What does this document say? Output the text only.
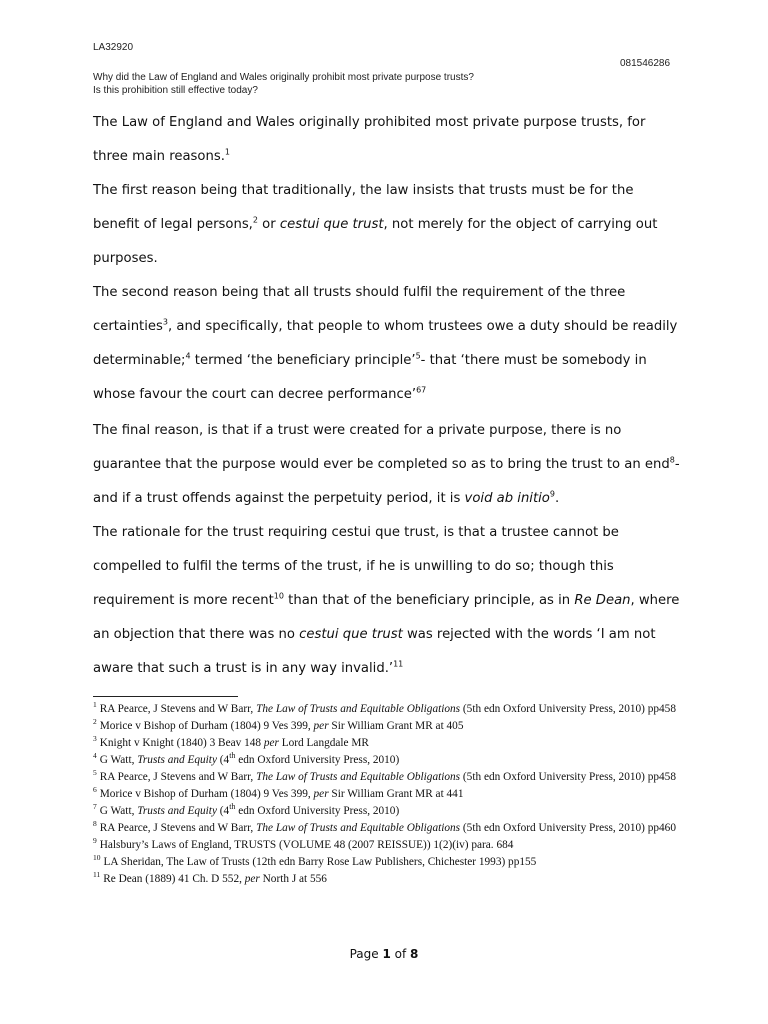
LA32920
081546286
Why did the Law of England and Wales originally prohibit most private purpose trusts?
Is this prohibition still effective today?

The Law of England and Wales originally prohibited most private purpose trusts, for
three main reasons.$^1$

The first reason being that traditionally, the law insists that trusts must be for the
benefit of legal persons,$^2$ or cestui que trust, not merely for the object of carrying out
purposes.

The second reason being that all trusts should fulfil the requirement of the three
certainties$^3$, and specifically, that people to whom trustees owe a duty should be readily
determinable;$^4$ termed ‘the beneficiary principle’$^5$- that ‘there must be somebody in
whose favour the court can decree performance’$^{67}$

The final reason, is that if a trust were created for a private purpose, there is no
guarantee that the purpose would ever be completed so as to bring the trust to an end$^8$-
and if a trust offends against the perpetuity period, it is void ab initio$^9$.

The rationale for the trust requiring cestui que trust, is that a trustee cannot be
compelled to fulfil the terms of the trust, if he is unwilling to do so; though this
requirement is more recent$^{10}$ than that of the beneficiary principle, as in Re Dean, where
an objection that there was no cestui que trust was rejected with the words ‘I am not
aware that such a trust is in any way invalid.’$^{11}$

$^1$ RA Pearce, J Stevens and W Barr, The Law of Trusts and Equitable Obligations (5th edn Oxford University Press, 2010) pp458

$^2$ Morice v Bishop of Durham (1804) 9 Ves 399, per Sir William Grant MR at 405

$^3$ Knight v Knight (1840) 3 Beav 148 per Lord Langdale MR

$^4$ G Watt, Trusts and Equity (4th edn Oxford University Press, 2010)

$^5$ RA Pearce, J Stevens and W Barr, The Law of Trusts and Equitable Obligations (5th edn Oxford University Press, 2010) pp458

$^6$ Morice v Bishop of Durham (1804) 9 Ves 399, per Sir William Grant MR at 441

$^7$ G Watt, Trusts and Equity (4th edn Oxford University Press, 2010)

$^8$ RA Pearce, J Stevens and W Barr, The Law of Trusts and Equitable Obligations (5th edn Oxford University Press, 2010) pp460

$^9$ Halsbury’s Laws of England, TRUSTS (VOLUME 48 (2007 REISSUE)) 1(2)(iv) para. 684

$^{10}$ LA Sheridan, The Law of Trusts (12th edn Barry Rose Law Publishers, Chichester 1993) pp155

$^{11}$ Re Dean (1889) 41 Ch. D 552, per North J at 556

Page 1 of 8
